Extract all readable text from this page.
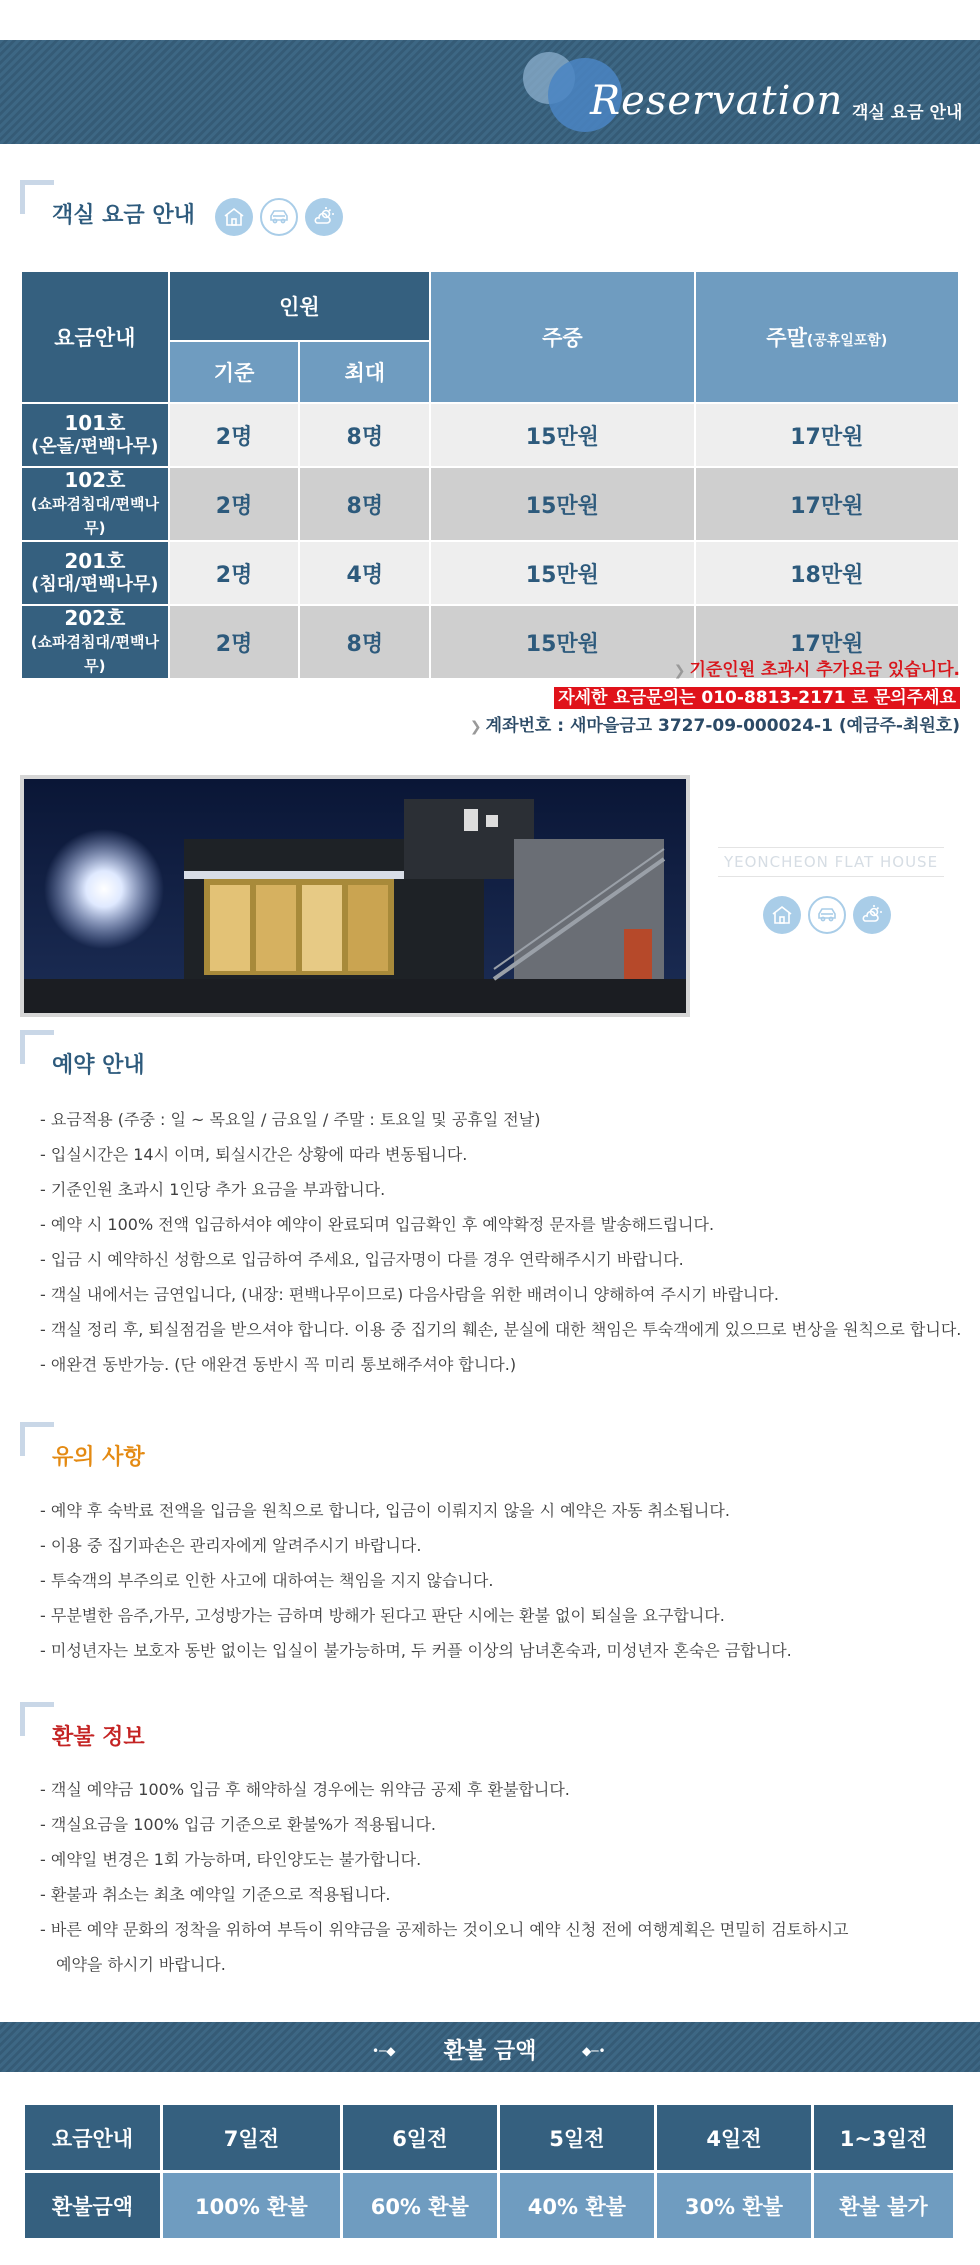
Reservation 객실 요금 안내
객실 요금 안내
요금안내	인원		주중	주말(공휴일포함)
	기준	최대		

101호
(온돌/편백나무)	2명	8명	15만원	17만원

102호
(쇼파겸침대/편백나무)	2명	8명	15만원	17만원

201호
(침대/편백나무)	2명	4명	15만원	18만원

202호
(쇼파겸침대/편백나무)	2명	8명	15만원	17만원
❯ 기준인원 초과시 추가요금 있습니다.
자세한 요금문의는 010-8813-2171 로 문의주세요
❯ 계좌번호 : 새마을금고 3727-09-000024-1 (예금주-최원호)
YEONCHEON FLAT HOUSE
예약 안내
- 요금적용 (주중 : 일 ~ 목요일 / 금요일 / 주말 : 토요일 및 공휴일 전날)
- 입실시간은 14시 이며, 퇴실시간은 상황에 따라 변동됩니다.
- 기준인원 초과시 1인당 추가 요금을 부과합니다.
- 예약 시 100% 전액 입금하셔야 예약이 완료되며 입금확인 후 예약확정 문자를 발송해드립니다.
- 입금 시 예약하신 성함으로 입금하여 주세요, 입금자명이 다를 경우 연락해주시기 바랍니다.
- 객실 내에서는 금연입니다, (내장: 편백나무이므로) 다음사람을 위한 배려이니 양해하여 주시기 바랍니다.
- 객실 정리 후, 퇴실점검을 받으셔야 합니다. 이용 중 집기의 훼손, 분실에 대한 책임은 투숙객에게 있으므로 변상을 원칙으로 합니다.
- 애완견 동반가능. (단 애완견 동반시 꼭 미리 통보해주셔야 합니다.)
유의 사항
- 예약 후 숙박료 전액을 입금을 원칙으로 합니다, 입금이 이뤄지지 않을 시 예약은 자동 취소됩니다.
- 이용 중 집기파손은 관리자에게 알려주시기 바랍니다.
- 투숙객의 부주의로 인한 사고에 대하여는 책임을 지지 않습니다.
- 무분별한 음주,가무, 고성방가는 금하며 방해가 된다고 판단 시에는 환불 없이 퇴실을 요구합니다.
- 미성년자는 보호자 동반 없이는 입실이 불가능하며, 두 커플 이상의 남녀혼숙과, 미성년자 혼숙은 금합니다.
환불 정보
- 객실 예약금 100% 입금 후 해약하실 경우에는 위약금 공제 후 환불합니다.
- 객실요금을 100% 입금 기준으로 환불%가 적용됩니다.
- 예약일 변경은 1회 가능하며, 타인양도는 불가합니다.
- 환불과 취소는 최초 예약일 기준으로 적용됩니다.
- 바른 예약 문화의 정착을 위하여 부득이 위약금을 공제하는 것이오니 예약 신청 전에 여행계획은 면밀히 검토하시고
예약을 하시기 바랍니다.
•─◆	환불 금액	◆─•
요금안내	7일전	6일전	5일전	4일전	1~3일전
환불금액	100% 환불	60% 환불	40% 환불	30% 환불	환불 불가
